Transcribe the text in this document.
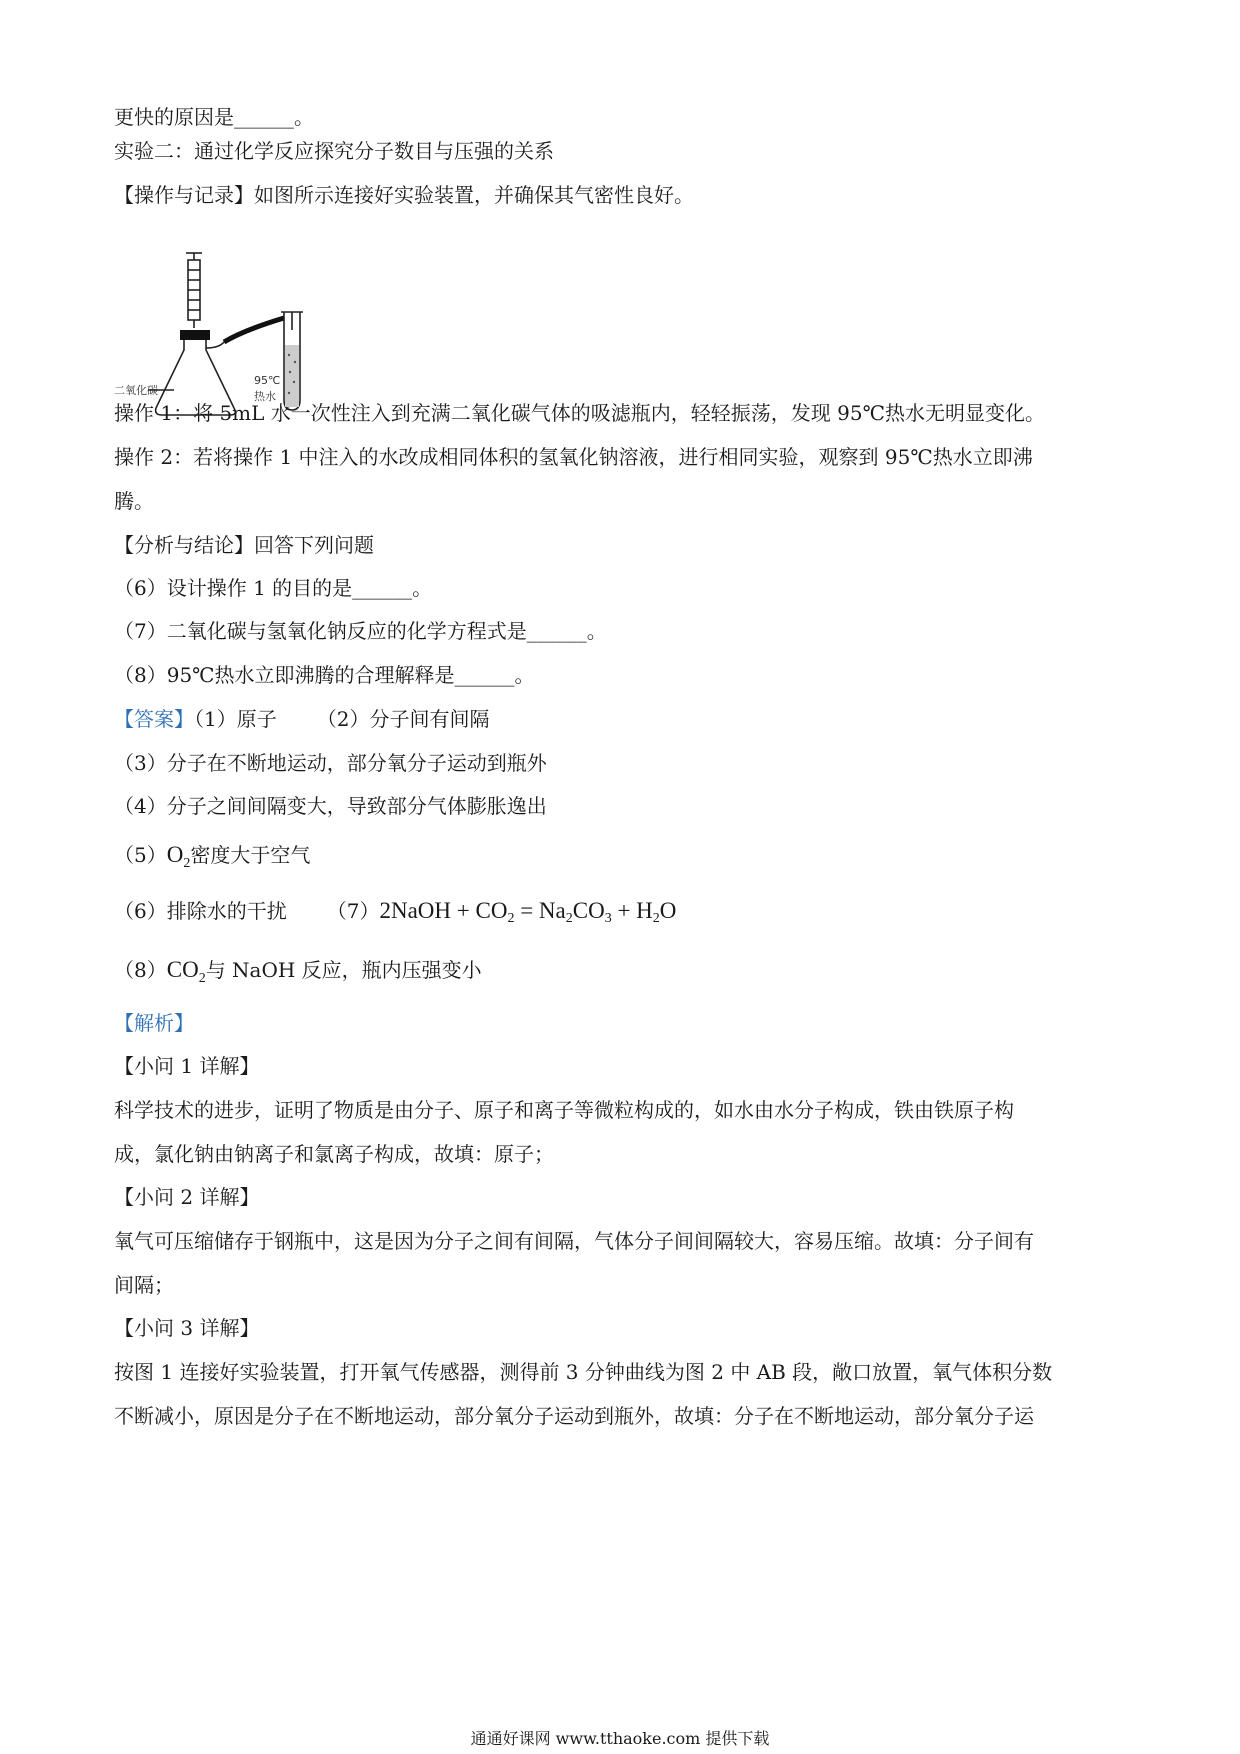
更快的原因是______。
实验二：通过化学反应探究分子数目与压强的关系
【操作与记录】如图所示连接好实验装置，并确保其气密性良好。
二氧化碳
95℃
热水
操作 1：将 5mL 水一次性注入到充满二氧化碳气体的吸滤瓶内，轻轻振荡，发现 95℃热水无明显变化。
操作 2：若将操作 1 中注入的水改成相同体积的氢氧化钠溶液，进行相同实验，观察到 95℃热水立即沸
腾。
【分析与结论】回答下列问题
（6）设计操作 1 的目的是______。
（7）二氧化碳与氢氧化钠反应的化学方程式是______。
（8）95℃热水立即沸腾的合理解释是______。
【答案】（1）原子 （2）分子间有间隔
（3）分子在不断地运动，部分氧分子运动到瓶外
（4）分子之间间隔变大，导致部分气体膨胀逸出
$(5)O_2$密度大于空气
（6）排除水的干扰 （7）2NaOH + $CO_2 = Na_2CO_3 + H_2O$
$(8)CO_2$与 NaOH 反应，瓶内压强变小
【解析】
【小问 1 详解】
科学技术的进步，证明了物质是由分子、原子和离子等微粒构成的，如水由水分子构成，铁由铁原子构
成，氯化钠由钠离子和氯离子构成，故填：原子；
【小问 2 详解】
氧气可压缩储存于钢瓶中，这是因为分子之间有间隔，气体分子间间隔较大，容易压缩。故填：分子间有
间隔；
【小问 3 详解】
按图 1 连接好实验装置，打开氧气传感器，测得前 3 分钟曲线为图 2 中 AB 段，敞口放置，氧气体积分数
不断减小，原因是分子在不断地运动，部分氧分子运动到瓶外，故填：分子在不断地运动，部分氧分子运
通通好课网 www.tthaoke.com 提供下载
